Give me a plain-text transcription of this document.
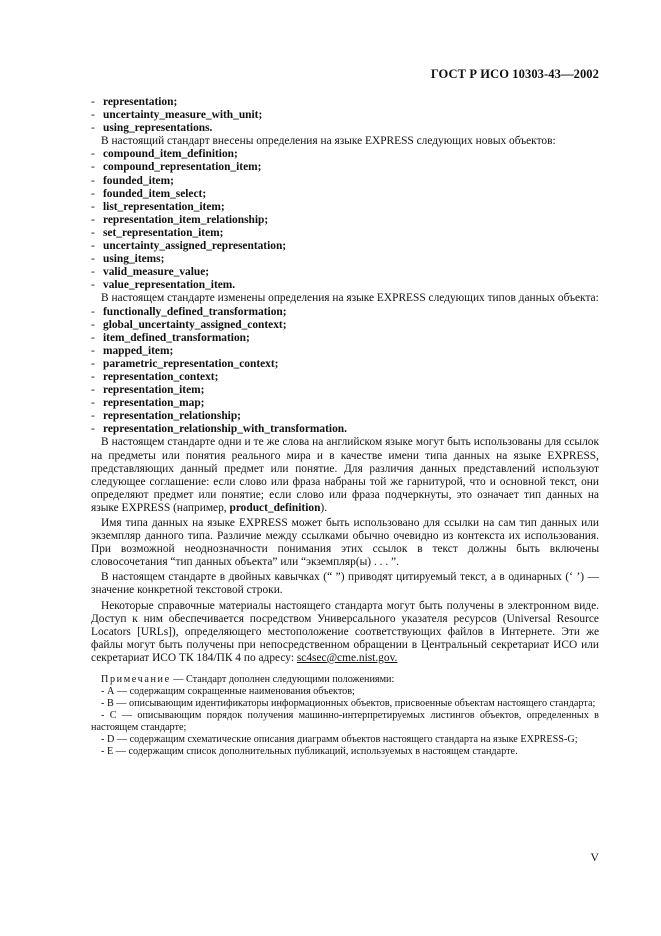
ГОСТ Р ИСО 10303-43—2002
- representation;
- uncertainty_measure_with_unit;
- using_representations.

В настоящий стандарт внесены определения на языке EXPRESS следующих новых объектов:

- compound_item_definition;
- compound_representation_item;
- founded_item;
- founded_item_select;
- list_representation_item;
- representation_item_relationship;
- set_representation_item;
- uncertainty_assigned_representation;
- using_items;
- valid_measure_value;
- value_representation_item.

В настоящем стандарте изменены определения на языке EXPRESS следующих типов данных объекта:

- functionally_defined_transformation;
- global_uncertainty_assigned_context;
- item_defined_transformation;
- mapped_item;
- parametric_representation_context;
- representation_context;
- representation_item;
- representation_map;
- representation_relationship;
- representation_relationship_with_transformation.

В настоящем стандарте одни и те же слова на английском языке могут быть использованы для ссылок на предметы или понятия реального мира и в качестве имени типа данных на языке EXPRESS, представляющих данный предмет или понятие. Для различия данных представлений используют следующее соглашение: если слово или фраза набраны той же гарнитурой, что и основной текст, они определяют предмет или понятие; если слово или фраза подчеркнуты, это означает тип данных на языке EXPRESS (например, product_definition).

Имя типа данных на языке EXPRESS может быть использовано для ссылки на сам тип данных или экземпляр данного типа. Различие между ссылками обычно очевидно из контекста их использования. При возможной неоднозначности понимания этих ссылок в текст должны быть включены словосочетания “тип данных объекта” или “экземпляр(ы) . . . ”.

В настоящем стандарте в двойных кавычках (“ ”) приводят цитируемый текст, а в одинарных (‘ ’) — значение конкретной текстовой строки.

Некоторые справочные материалы настоящего стандарта могут быть получены в электронном виде. Доступ к ним обеспечивается посредством Универсального указателя ресурсов (Universal Resource Locators [URLs]), определяющего местоположение соответствующих файлов в Интернете. Эти же файлы могут быть получены при непосредственном обращении в Центральный секретариат ИСО или секретариат ИСО ТК 184/ПК 4 по адресу: sc4sec@cme.nist.gov.

Примечание — Стандарт дополнен следующими положениями:

- А — содержащим сокращенные наименования объектов;

- В — описывающим идентификаторы информационных объектов, присвоенные объектам настоящего стандарта;

- С — описывающим порядок получения машинно-интерпретируемых листингов объектов, определенных в настоящем стандарте;

- D — содержащим схематические описания диаграмм объектов настоящего стандарта на языке EXPRESS-G;

- Е — содержащим список дополнительных публикаций, используемых в настоящем стандарте.

V
